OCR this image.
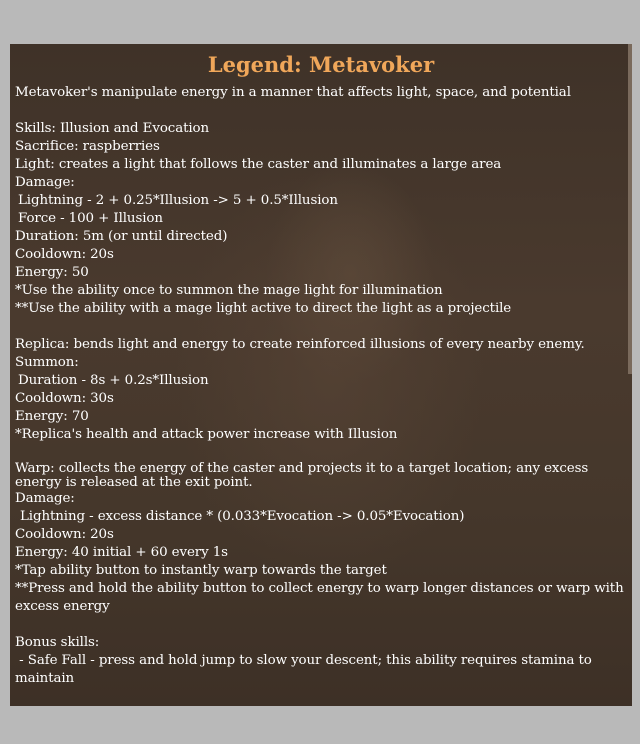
Legend: Metavoker
Metavoker's manipulate energy in a manner that affects light, space, and potential
Skills: Illusion and Evocation
Sacrifice: raspberries
Light: creates a light that follows the caster and illuminates a large area
Damage:
Lightning - 2 + 0.25*Illusion -> 5 + 0.5*Illusion
Force - 100 + Illusion
Duration: 5m (or until directed)
Cooldown: 20s
Energy: 50
*Use the ability once to summon the mage light for illumination
**Use the ability with a mage light active to direct the light as a projectile
Replica: bends light and energy to create reinforced illusions of every nearby enemy.
Summon:
Duration - 8s + 0.2s*Illusion
Cooldown: 30s
Energy: 70
*Replica's health and attack power increase with Illusion
Warp: collects the energy of the caster and projects it to a target location; any excess
energy is released at the exit point.
Damage:
Lightning - excess distance * (0.033*Evocation -> 0.05*Evocation)
Cooldown: 20s
Energy: 40 initial + 60 every 1s
*Tap ability button to instantly warp towards the target
**Press and hold the ability button to collect energy to warp longer distances or warp with excess energy
Bonus skills:
- Safe Fall - press and hold jump to slow your descent; this ability requires stamina to maintain
